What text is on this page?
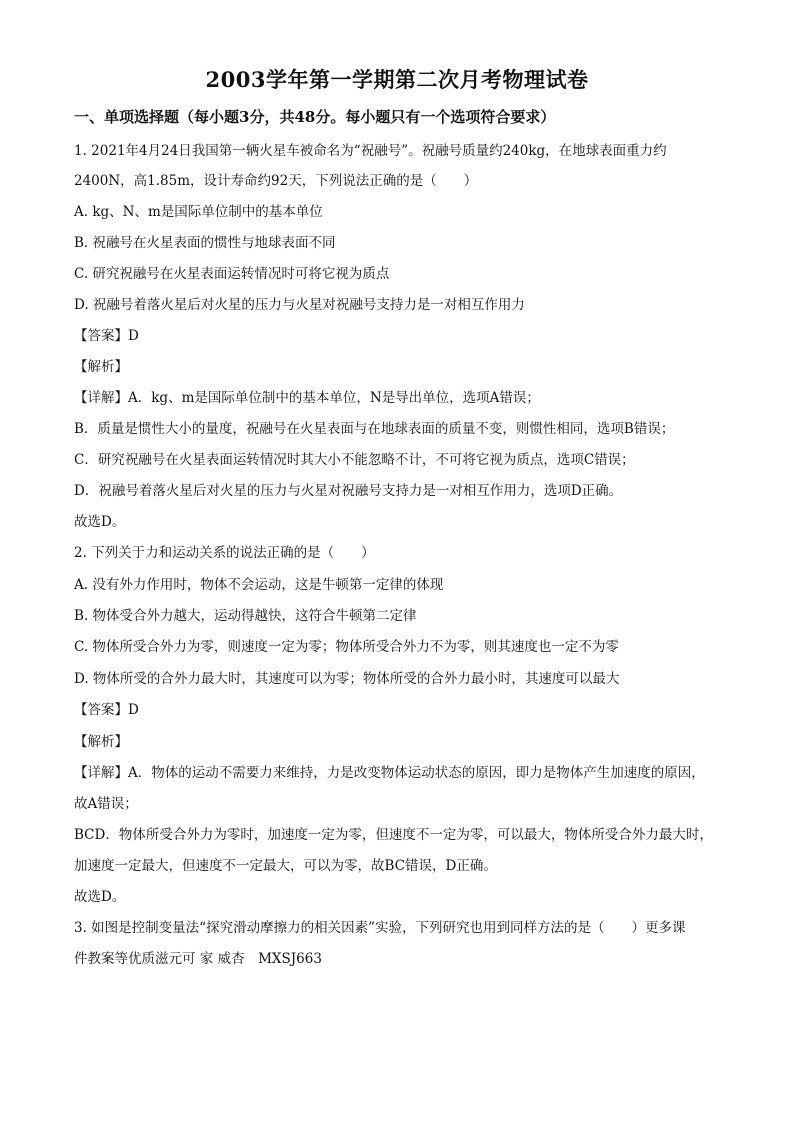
2003学年第一学期第二次月考物理试卷
一、单项选择题（每小题3分，共48分。每小题只有一个选项符合要求）
1. 2021年4月24日我国第一辆火星车被命名为“祝融号”。祝融号质量约240kg，在地球表面重力约
2400N，高1.85m，设计寿命约92天，下列说法正确的是（　　）
A. kg、N、m是国际单位制中的基本单位
B. 祝融号在火星表面的惯性与地球表面不同
C. 研究祝融号在火星表面运转情况时可将它视为质点
D. 祝融号着落火星后对火星的压力与火星对祝融号支持力是一对相互作用力
【答案】D
【解析】
【详解】A．kg、m是国际单位制中的基本单位，N是导出单位，选项A错误；
B．质量是惯性大小的量度，祝融号在火星表面与在地球表面的质量不变，则惯性相同，选项B错误；
C．研究祝融号在火星表面运转情况时其大小不能忽略不计，不可将它视为质点，选项C错误；
D．祝融号着落火星后对火星的压力与火星对祝融号支持力是一对相互作用力，选项D正确。
故选D。
2. 下列关于力和运动关系的说法正确的是（　　）
A. 没有外力作用时，物体不会运动，这是牛顿第一定律的体现
B. 物体受合外力越大，运动得越快，这符合牛顿第二定律
C. 物体所受合外力为零，则速度一定为零；物体所受合外力不为零，则其速度也一定不为零
D. 物体所受的合外力最大时，其速度可以为零；物体所受的合外力最小时，其速度可以最大
【答案】D
【解析】
【详解】A．物体的运动不需要力来维持，力是改变物体运动状态的原因，即力是物体产生加速度的原因，
故A错误；
BCD．物体所受合外力为零时，加速度一定为零，但速度不一定为零，可以最大，物体所受合外力最大时，
加速度一定最大，但速度不一定最大，可以为零，故BC错误，D正确。
故选D。
3. 如图是控制变量法“探究滑动摩擦力的相关因素”实验，下列研究也用到同样方法的是（　　）更多课
件教案等优质滋元可 家 威杏　MXSJ663
